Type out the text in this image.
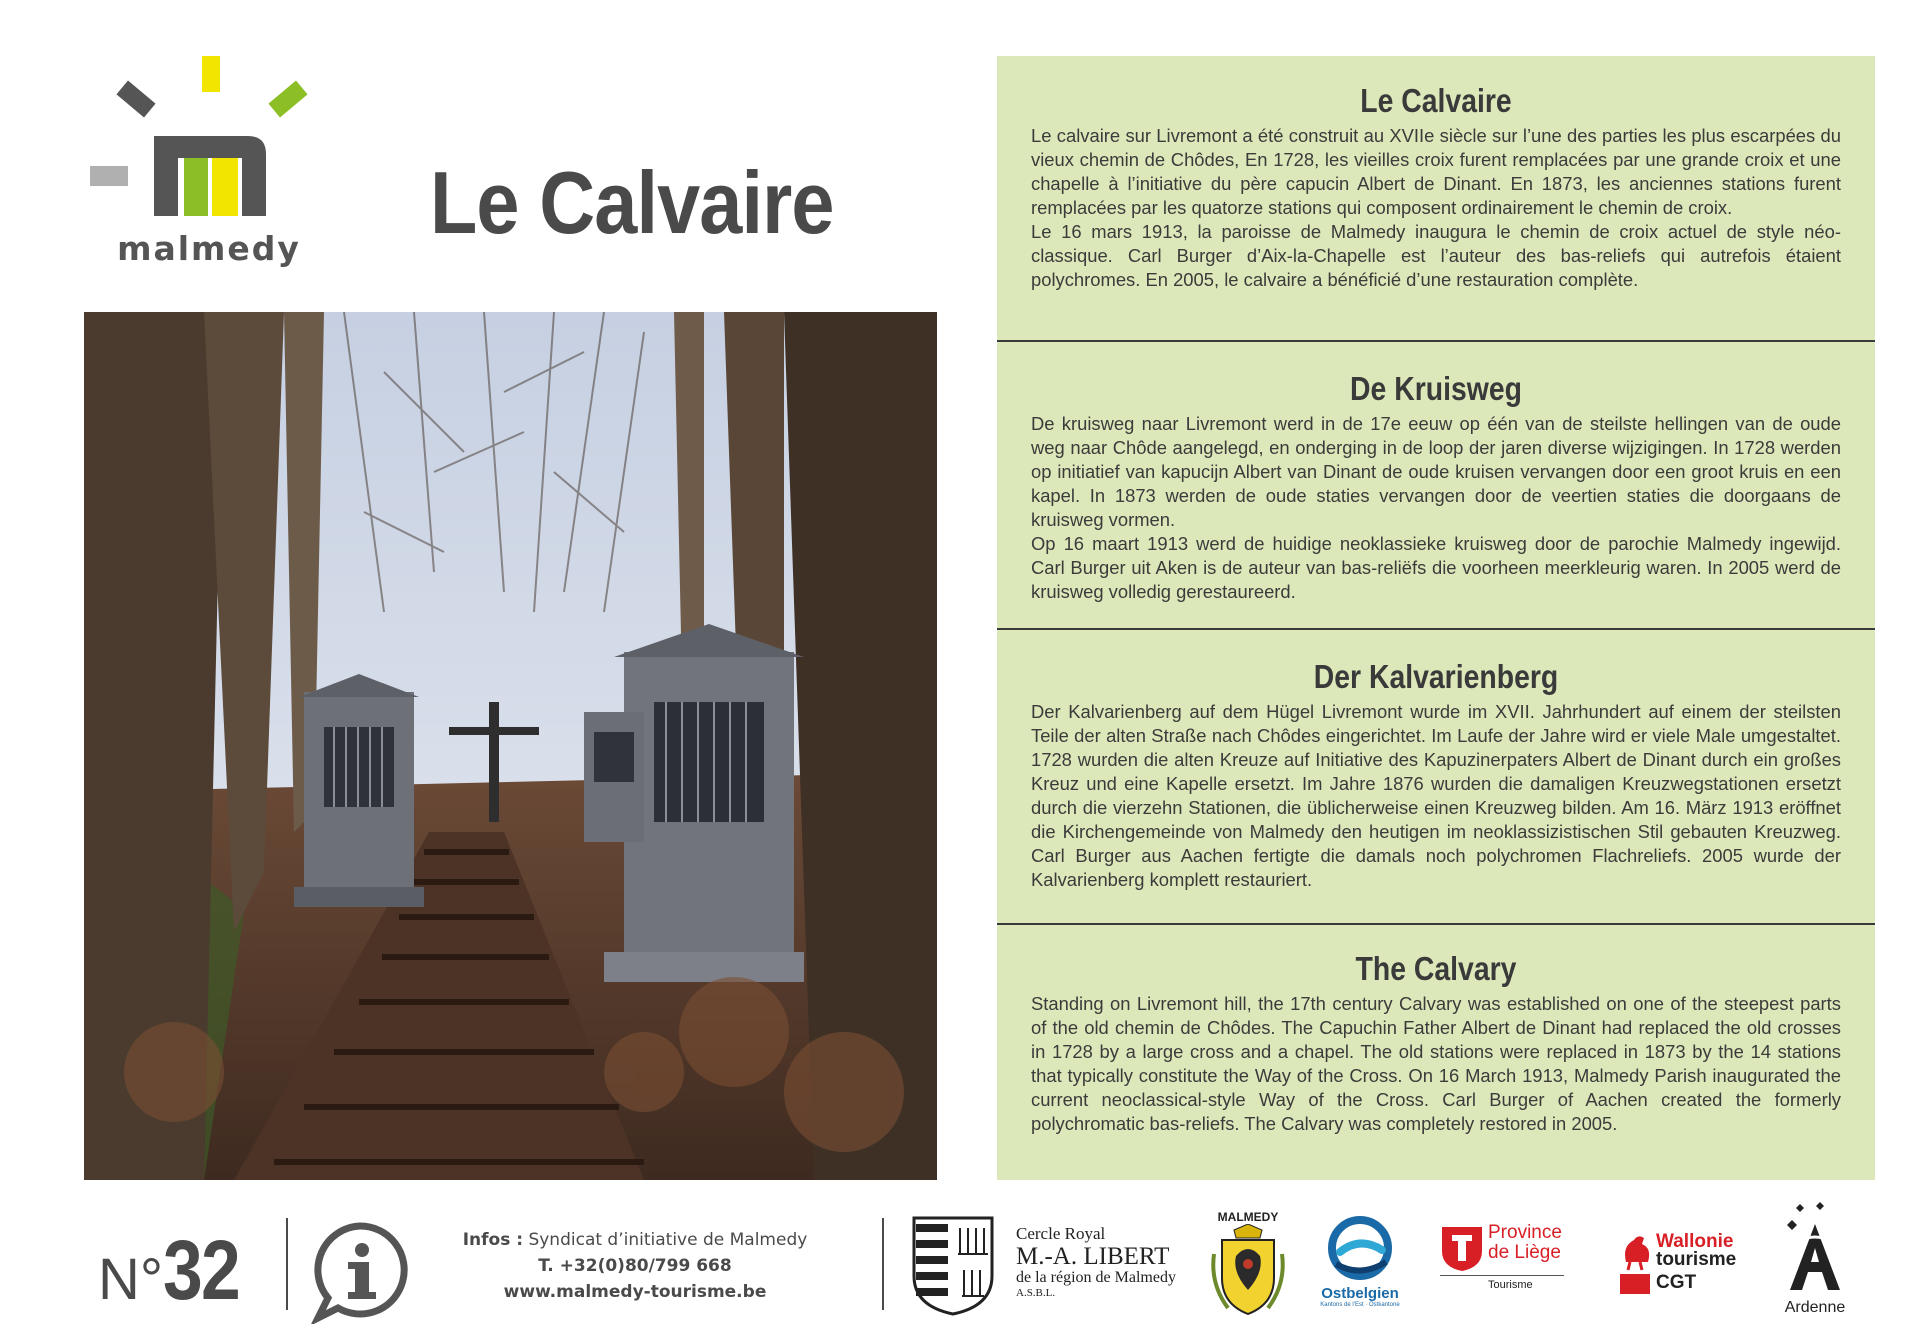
malmedy Le Calvaire
Le Calvaire

Le calvaire sur Livremont a été construit au XVIIe siècle sur l’une des parties les plus escarpées du vieux chemin de Chôdes, En 1728, les vieilles croix furent remplacées par une grande croix et une chapelle à l’initiative du père capucin Albert de Dinant. En 1873, les anciennes stations furent remplacées par les quatorze stations qui composent ordinairement le chemin de croix.
Le 16 mars 1913, la paroisse de Malmedy inaugura le chemin de croix actuel de style néo-classique. Carl Burger d’Aix-la-Chapelle est l’auteur des bas-reliefs qui autrefois étaient polychromes. En 2005, le calvaire a bénéficié d’une restauration complète.

De Kruisweg

De kruisweg naar Livremont werd in de 17e eeuw op één van de steilste hellingen van de oude weg naar Chôde aangelegd, en onderging in de loop der jaren diverse wijzigingen. In 1728 werden op initiatief van kapucijn Albert van Dinant de oude kruisen vervangen door een groot kruis en een kapel. In 1873 werden de oude staties vervangen door de veertien staties die doorgaans de kruisweg vormen.
Op 16 maart 1913 werd de huidige neoklassieke kruisweg door de parochie Malmedy ingewijd. Carl Burger uit Aken is de auteur van bas-reliëfs die voorheen meerkleurig waren. In 2005 werd de kruisweg volledig gerestaureerd.

Der Kalvarienberg

Der Kalvarienberg auf dem Hügel Livremont wurde im XVII. Jahrhundert auf einem der steilsten Teile der alten Straße nach Chôdes eingerichtet. Im Laufe der Jahre wird er viele Male umgestaltet. 1728 wurden die alten Kreuze auf Initiative des Kapuzinerpaters Albert de Dinant durch ein großes Kreuz und eine Kapelle ersetzt. Im Jahre 1876 wurden die damaligen Kreuzwegstationen ersetzt durch die vierzehn Stationen, die üblicherweise einen Kreuzweg bilden. Am 16. März 1913 eröffnet die Kirchengemeinde von Malmedy den heutigen im neoklassizistischen Stil gebauten Kreuzweg. Carl Burger aus Aachen fertigte die damals noch polychromen Flachreliefs. 2005 wurde der Kalvarienberg komplett restauriert.

The Calvary

Standing on Livremont hill, the 17th century Calvary was established on one of the steepest parts of the old chemin de Chôdes. The Capuchin Father Albert de Dinant had replaced the old crosses in 1728 by a large cross and a chapel. The old stations were replaced in 1873 by the 14 stations that typically constitute the Way of the Cross. On 16 March 1913, Malmedy Parish inaugurated the current neoclassical-style Way of the Cross. Carl Burger of Aachen created the formerly polychromatic bas-reliefs. The Calvary was completely restored in 2005.

N°32	Infos : Syndicat d’initiative de Malmedy
T. +32(0)80/799 668
www.malmedy-tourisme.be
Cercle Royal
M.-A. LIBERT
de la région de Malmedy
A.S.B.L.
MALMEDY
Ostbelgien
Kantons de l’Est · Ostkantone
Province
de Liège
Tourisme
Wallonie
tourisme
CGT
Ardenne
